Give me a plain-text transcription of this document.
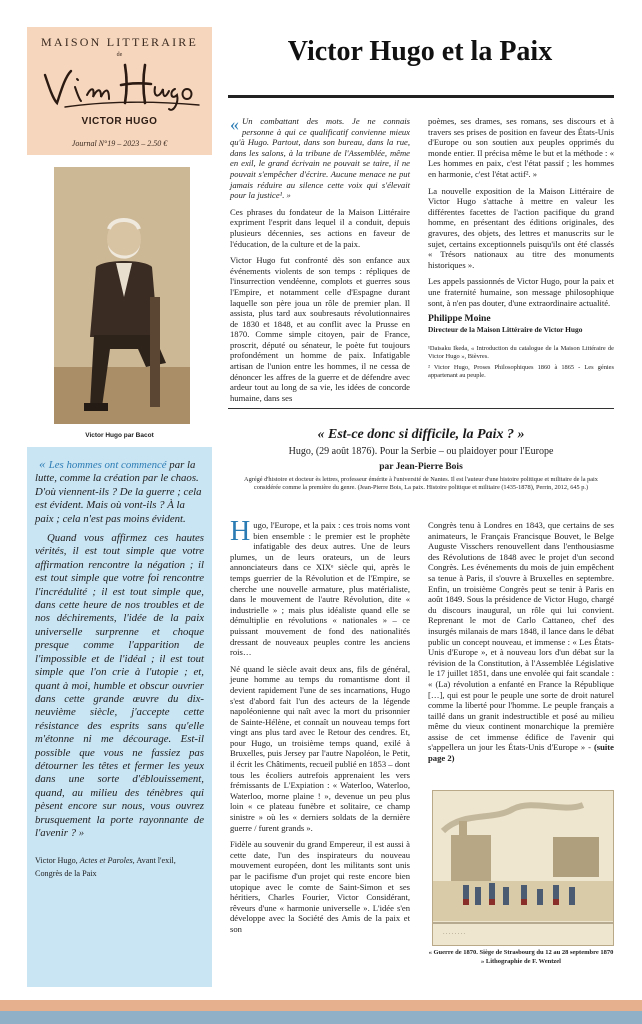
MAISON LITTERAIRE
de
VICTOR HUGO
Journal N°19 – 2023 – 2.50 €
Victor Hugo par Bacot

« Les hommes ont commencé par la lutte, comme la création par le chaos. D'où viennent-ils ? De la guerre ; cela est évident. Mais où vont-ils ? À la paix ; cela n'est pas moins évident.

Quand vous affirmez ces hautes vérités, il est tout simple que votre affirmation rencontre la négation ; il est tout simple que votre foi rencontre l'incrédulité ; il est tout simple que, dans cette heure de nos troubles et de nos déchirements, l'idée de la paix universelle surprenne et choque presque comme l'apparition de l'impossible et de l'idéal ; il est tout simple que l'on crie à l'utopie ; et, quant à moi, humble et obscur ouvrier dans cette grande œuvre du dix-neuvième siècle, j'accepte cette résistance des esprits sans qu'elle m'étonne ni me décourage. Est-il possible que vous ne fassiez pas détourner les têtes et fermer les yeux dans une sorte d'éblouissement, quand, au milieu des ténèbres qui pèsent encore sur nous, vous ouvrez brusquement la porte rayonnante de l'avenir ? »

Victor Hugo, Actes et Paroles, Avant l'exil,
Congrès de la Paix
Victor Hugo et la Paix

« Un combattant des mots. Je ne connais personne à qui ce qualificatif convienne mieux qu'à Hugo. Partout, dans son bureau, dans la rue, dans les salons, à la tribune de l'Assemblée, même en exil, le grand écrivain ne pouvait se taire, il ne pouvait s'empêcher d'écrire. Aucune menace ne put jamais réduire au silence cette voix qui s'élevait pour la justice¹. »

Ces phrases du fondateur de la Maison Littéraire expriment l'esprit dans lequel il a conduit, depuis plusieurs décennies, ses actions en faveur de l'éducation, de la culture et de la paix.

Victor Hugo fut confronté dès son enfance aux événements violents de son temps : répliques de l'insurrection vendéenne, complots et guerres sous l'Empire, et notamment celle d'Espagne durant laquelle son père joua un rôle de premier plan. Il assista, plus tard aux soubresauts révolutionnaires de 1830 et 1848, et au conflit avec la Prusse en 1870. Comme simple citoyen, pair de France, proscrit, député ou sénateur, le poète fut toujours profondément un homme de paix. Infatigable artisan de l'union entre les hommes, il ne cessa de dénoncer les affres de la guerre et de défendre avec ardeur tout au long de sa vie, les idées de concorde humaine, dans ses

poèmes, ses drames, ses romans, ses discours et à travers ses prises de position en faveur des États-Unis d'Europe ou son soutien aux peuples opprimés du monde entier. Il précisa même le but et la méthode : « Les hommes en paix, c'est l'état passif ; les hommes en harmonie, c'est l'état actif². »

La nouvelle exposition de la Maison Littéraire de Victor Hugo s'attache à mettre en valeur les différentes facettes de l'action pacifique du grand homme, en présentant des éditions originales, des gravures, des objets, des lettres et manuscrits sur le sujet, certains exceptionnels puisqu'ils ont été classés « Trésors nationaux au titre des monuments historiques ».

Les appels passionnés de Victor Hugo, pour la paix et une fraternité humaine, son message philosophique sont, à n'en pas douter, d'une extraordinaire actualité.

Philippe Moine
Directeur de la Maison Littéraire de Victor Hugo
¹Daisaku Ikeda, « Introduction du catalogue de la Maison Littéraire de Victor Hugo », Bièvres.
² Victor Hugo, Proses Philosophiques 1860 à 1865 - Les génies appartenant au peuple.
« Est-ce donc si difficile, la Paix ? »
Hugo, (29 août 1876). Pour la Serbie – ou plaidoyer pour l'Europe
par Jean-Pierre Bois
Agrégé d'histoire et docteur ès lettres, professeur émérite à l'université de Nantes. Il est l'auteur d'une histoire politique et militaire de la paix considérée comme la première du genre. (Jean-Pierre Bois, La paix. Histoire politique et militaire (1435-1878), Perrin, 2012, 645 p.)

Hugo, l'Europe, et la paix : ces trois noms vont bien ensemble : le premier est le prophète infatigable des deux autres. Une de leurs plumes, un de leurs orateurs, un de leurs annonciateurs dans ce XIXᵉ siècle qui, après le temps guerrier de la Révolution et de l'Empire, se cherche une nouvelle armature, plus matérialiste, dans le mouvement de l'autre Révolution, dite « industrielle » ; mais plus idéaliste quand elle se démultiplie en révolutions « nationales » – ce puissant mouvement de fond des nationalités dressant de nouveaux peuples contre les anciens rois…

Né quand le siècle avait deux ans, fils de général, jeune homme au temps du romantisme dont il devient rapidement l'une de ses incarnations, Hugo s'est d'abord fait l'un des acteurs de la légende napoléonienne qui naît avec la mort du prisonnier de Sainte-Hélène, et connaît un nouveau temps fort vingt ans plus tard avec le Retour des cendres. Et, pour Hugo, un troisième temps quand, exilé à Bruxelles, puis Jersey par l'autre Napoléon, le Petit, il écrit les Châtiments, recueil publié en 1853 – dont tous les écoliers autrefois apprenaient les vers frémissants de L'Expiation : « Waterloo, Waterloo, Waterloo, morne plaine ! », devenue un peu plus loin « ce plateau funèbre et solitaire, ce champ sinistre » où les « derniers soldats de la dernière guerre / furent grands ».

Fidèle au souvenir du grand Empereur, il est aussi à cette date, l'un des inspirateurs du nouveau mouvement européen, dont les militants sont unis par le pacifisme d'un projet qui reste encore bien utopique avec le comte de Saint-Simon et ses héritiers, Charles Fourier, Victor Considérant, rêveurs d'une « harmonie universelle ». L'idée s'en développe avec la Société des Amis de la paix et son

Congrès tenu à Londres en 1843, que certains de ses animateurs, le Français Francisque Bouvet, le Belge Auguste Visschers renouvellent dans l'enthousiasme des Révolutions de 1848 avec le projet d'un second Congrès. Les événements du mois de juin empêchent sa tenue à Paris, il s'ouvre à Bruxelles en septembre. Enfin, un troisième Congrès peut se tenir à Paris en août 1849. Sous la présidence de Victor Hugo, chargé du discours inaugural, un rôle qui lui convient. Reprenant le mot de Carlo Cattaneo, chef des insurgés milanais de mars 1848, il lance dans le débat public un concept nouveau, et immense : « Les États-Unis d'Europe », et à nouveau lors d'un débat sur la révision de la Constitution, à l'Assemblée Législative le 17 juillet 1851, dans une envolée qui fait scandale : « (La) révolution a enfanté en France la République […], qui est pour le peuple une sorte de droit naturel comme la liberté pour l'homme. Le peuple français a taillé dans un granit indestructible et posé au milieu même du vieux continent monarchique la première assise de cet immense édifice de l'avenir qui s'appellera un jour les États-Unis d'Europe » - (suite page 2)

· · · · · · · ·
« Guerre de 1870. Siège de Strasbourg du 12 au 28 septembre 1870 » Lithographie de F. Wentzel
